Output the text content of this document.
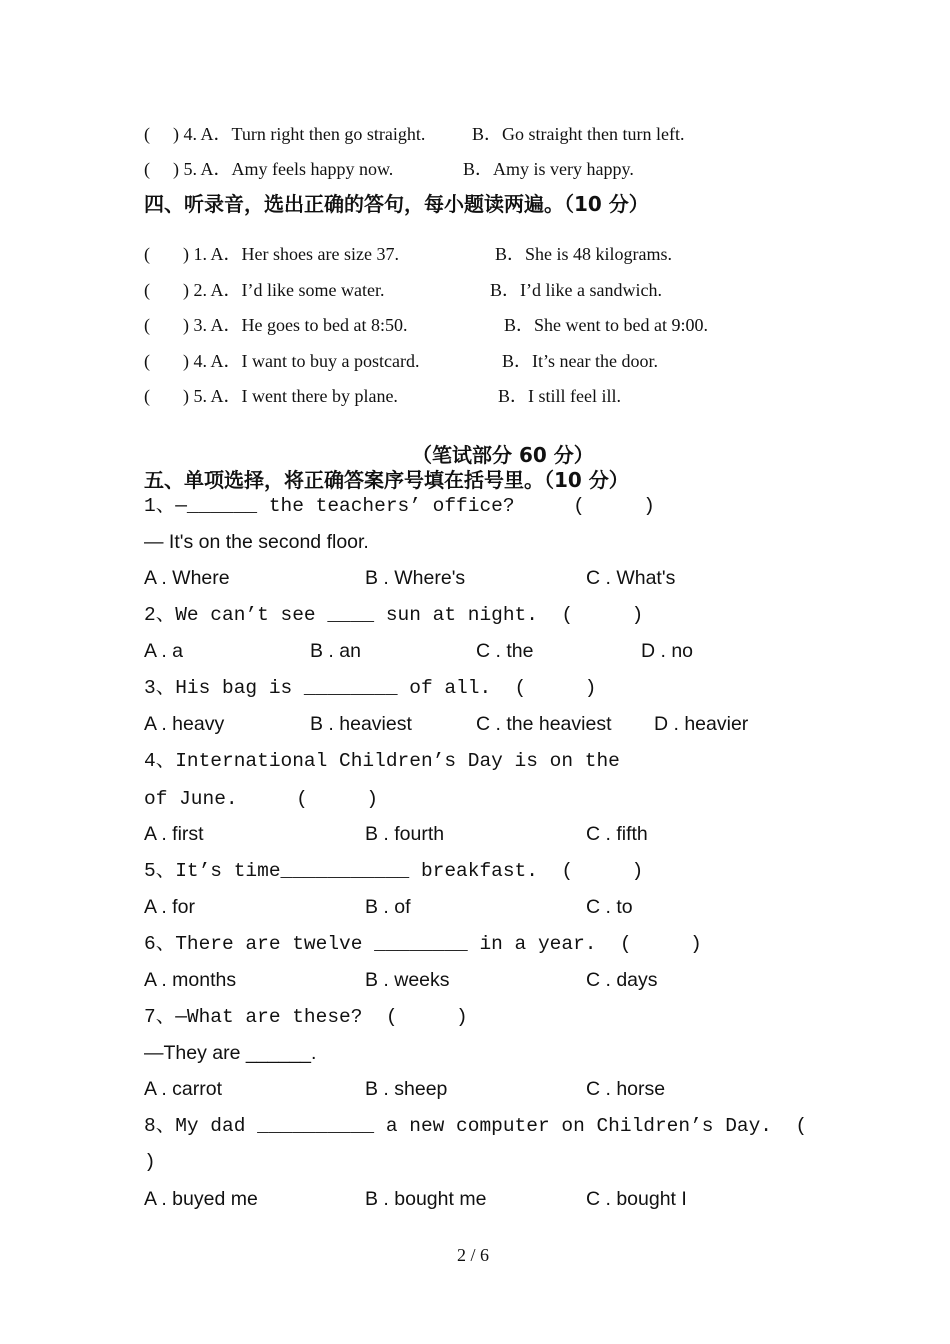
( ) 4. A．Turn right then go straight.	B．Go straight then turn left.
( ) 5. A．Amy feels happy now.	B．Amy is very happy.
四、听录音，选出正确的答句，每小题读两遍。（10 分）
( ) 1. A．Her shoes are size 37.	B．She is 48 kilograms.
( ) 2. A．I’d like some water.	B．I’d like a sandwich.
( ) 3. A．He goes to bed at 8:50.	B．She went to bed at 9:00.
( ) 4. A．I want to buy a postcard.	B．It’s near the door.
( ) 5. A．I went there by plane.	B．I still feel ill.
（笔试部分 60 分）
五、单项选择，将正确答案序号填在括号里。（10 分）
1、—______ the teachers’ office?     (     )
— It's on the second floor.
A . Where	B . Where's	C . What's
2、We can’t see ____ sun at night.  (     )
A . a	B . an	C . the	D . no
3、His bag is ________ of all.  (     )
A . heavy	B . heaviest	C . the heaviest D . heavier
4、International Children’s Day is on the
of June.     (     )
A . first	B . fourth	C . fifth
5、It’s time___________ breakfast.  (     )
A . for	B . of	C . to
6、There are twelve ________ in a year.  (     )
A . months	B . weeks	C . days
7、—What are these?  (     )
—They are ______.
A . carrot	B . sheep	C . horse
8、My dad __________ a new computer on Children’s Day.  (
)
A . buyed me	B . bought me	C . bought I
2 / 6
